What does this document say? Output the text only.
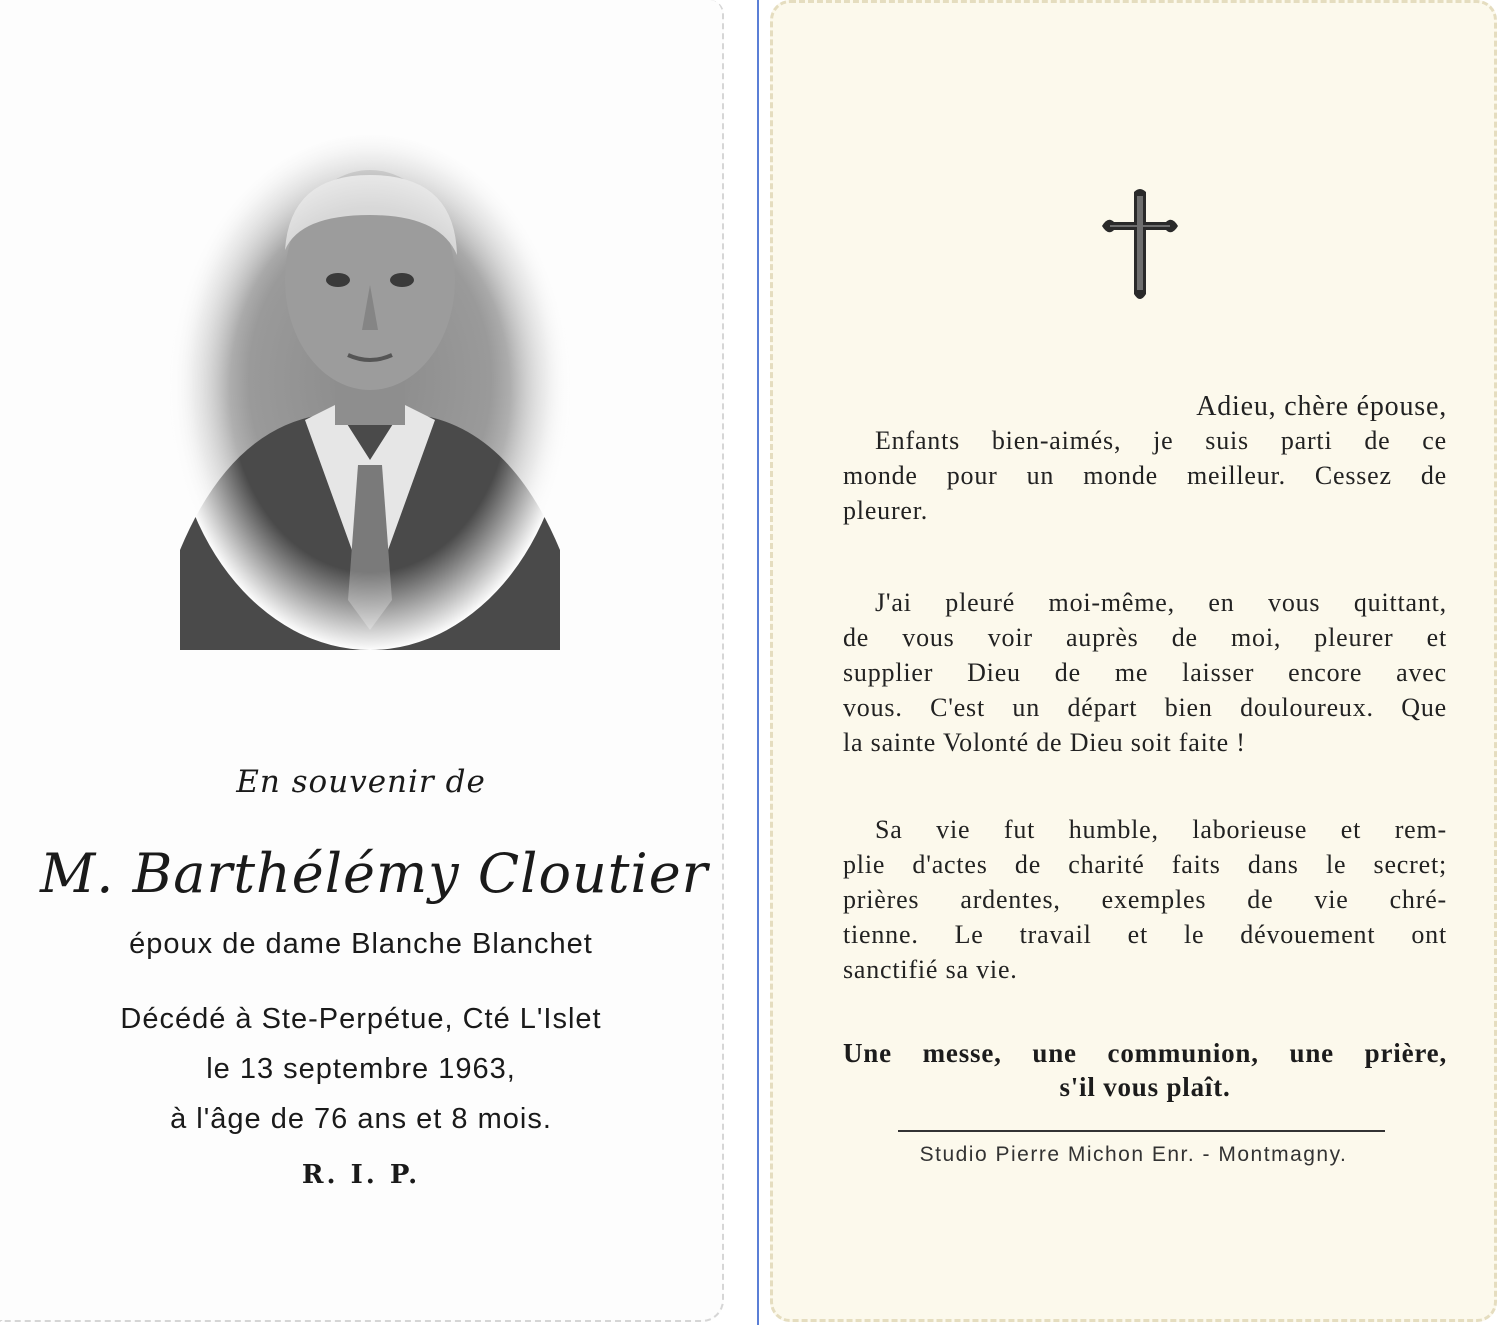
En souvenir de
M. Barthélémy Cloutier
époux de dame Blanche Blanchet
Décédé à Ste-Perpétue, Cté L'Islet
le 13 septembre 1963,
à l'âge de 76 ans et 8 mois.
R. I. P.
Adieu, chère épouse,
Enfants bien-aimés, je suis parti de ce
monde pour un monde meilleur. Cessez de
pleurer.
J'ai pleuré moi-même, en vous quittant,
de vous voir auprès de moi, pleurer et
supplier Dieu de me laisser encore avec
vous. C'est un départ bien douloureux. Que
la sainte Volonté de Dieu soit faite !
Sa vie fut humble, laborieuse et rem-
plie d'actes de charité faits dans le secret;
prières ardentes, exemples de vie chré-
tienne. Le travail et le dévouement ont
sanctifié sa vie.
Une messe, une communion, une prière,
s'il vous plaît.
Studio Pierre Michon Enr. - Montmagny.
